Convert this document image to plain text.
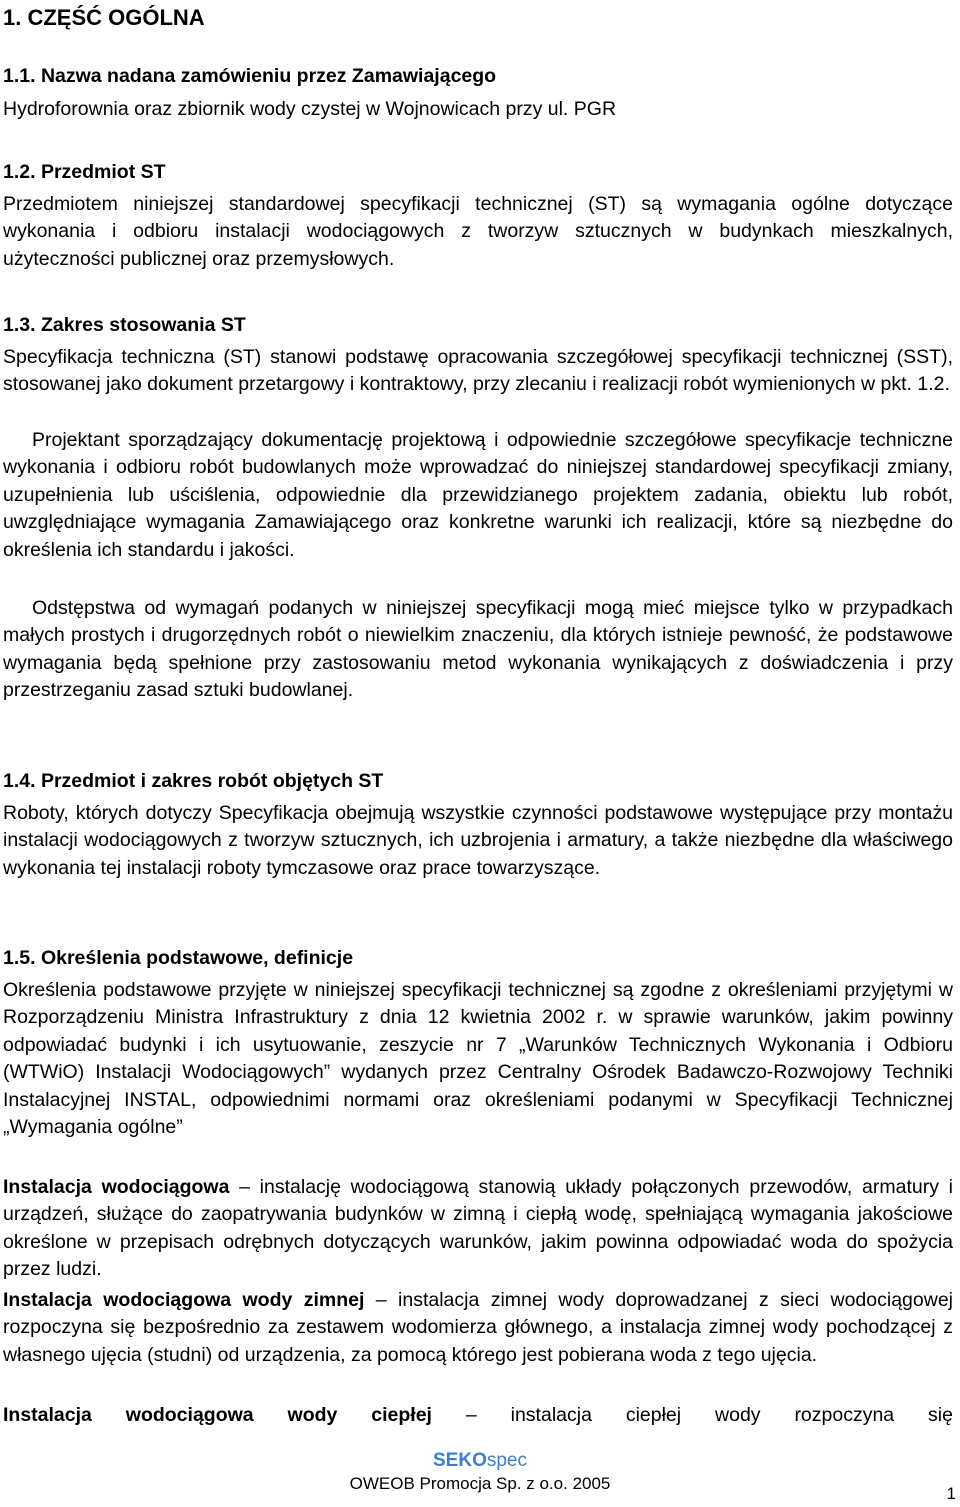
1. CZĘŚĆ OGÓLNA
1.1. Nazwa nadana zamówieniu przez Zamawiającego
Hydroforownia oraz zbiornik wody czystej w Wojnowicach przy ul. PGR
1.2. Przedmiot ST

Przedmiotem niniejszej standardowej specyfikacji technicznej (ST) są wymagania ogólne dotyczące wykonania i odbioru instalacji wodociągowych z tworzyw sztucznych w budynkach mieszkalnych, użyteczności publicznej oraz przemysłowych.

1.3. Zakres stosowania ST

Specyfikacja techniczna (ST) stanowi podstawę opracowania szczegółowej specyfikacji technicznej (SST), stosowanej jako dokument przetargowy i kontraktowy, przy zlecaniu i realizacji robót wymienionych w pkt. 1.2.

Projektant sporządzający dokumentację projektową i odpowiednie szczegółowe specyfikacje techniczne wykonania i odbioru robót budowlanych może wprowadzać do niniejszej standardowej specyfikacji zmiany, uzupełnienia lub uściślenia, odpowiednie dla przewidzianego projektem zadania, obiektu lub robót, uwzględniające wymagania Zamawiającego oraz konkretne warunki ich realizacji, które są niezbędne do określenia ich standardu i jakości.

Odstępstwa od wymagań podanych w niniejszej specyfikacji mogą mieć miejsce tylko w przypadkach małych prostych i drugorzędnych robót o niewielkim znaczeniu, dla których istnieje pewność, że podstawowe wymagania będą spełnione przy zastosowaniu metod wykonania wynikających z doświadczenia i przy przestrzeganiu zasad sztuki budowlanej.

1.4. Przedmiot i zakres robót objętych ST

Roboty, których dotyczy Specyfikacja obejmują wszystkie czynności podstawowe występujące przy montażu instalacji wodociągowych z tworzyw sztucznych, ich uzbrojenia i armatury, a także niezbędne dla właściwego wykonania tej instalacji roboty tymczasowe oraz prace towarzyszące.

1.5. Określenia podstawowe, definicje

Określenia podstawowe przyjęte w niniejszej specyfikacji technicznej są zgodne z określeniami przyjętymi w Rozporządzeniu Ministra Infrastruktury z dnia 12 kwietnia 2002 r. w sprawie warunków, jakim powinny odpowiadać budynki i ich usytuowanie, zeszycie nr 7 „Warunków Technicznych Wykonania i Odbioru (WTWiO) Instalacji Wodociągowych” wydanych przez Centralny Ośrodek Badawczo-Rozwojowy Techniki Instalacyjnej INSTAL, odpowiednimi normami oraz określeniami podanymi w Specyfikacji Technicznej „Wymagania ogólne”

Instalacja wodociągowa – instalację wodociągową stanowią układy połączonych przewodów, armatury i urządzeń, służące do zaopatrywania budynków w zimną i ciepłą wodę, spełniającą wymagania jakościowe określone w przepisach odrębnych dotyczących warunków, jakim powinna odpowiadać woda do spożycia przez ludzi.

Instalacja wodociągowa wody zimnej – instalacja zimnej wody doprowadzanej z sieci wodociągowej rozpoczyna się bezpośrednio za zestawem wodomierza głównego, a instalacja zimnej wody pochodzącej z własnego ujęcia (studni) od urządzenia, za pomocą którego jest pobierana woda z tego ujęcia.

Instalacja wodociągowa wody ciepłej – instalacja ciepłej wody rozpoczyna się

SEKOspec
OWEOB Promocja Sp. z o.o. 2005
1
